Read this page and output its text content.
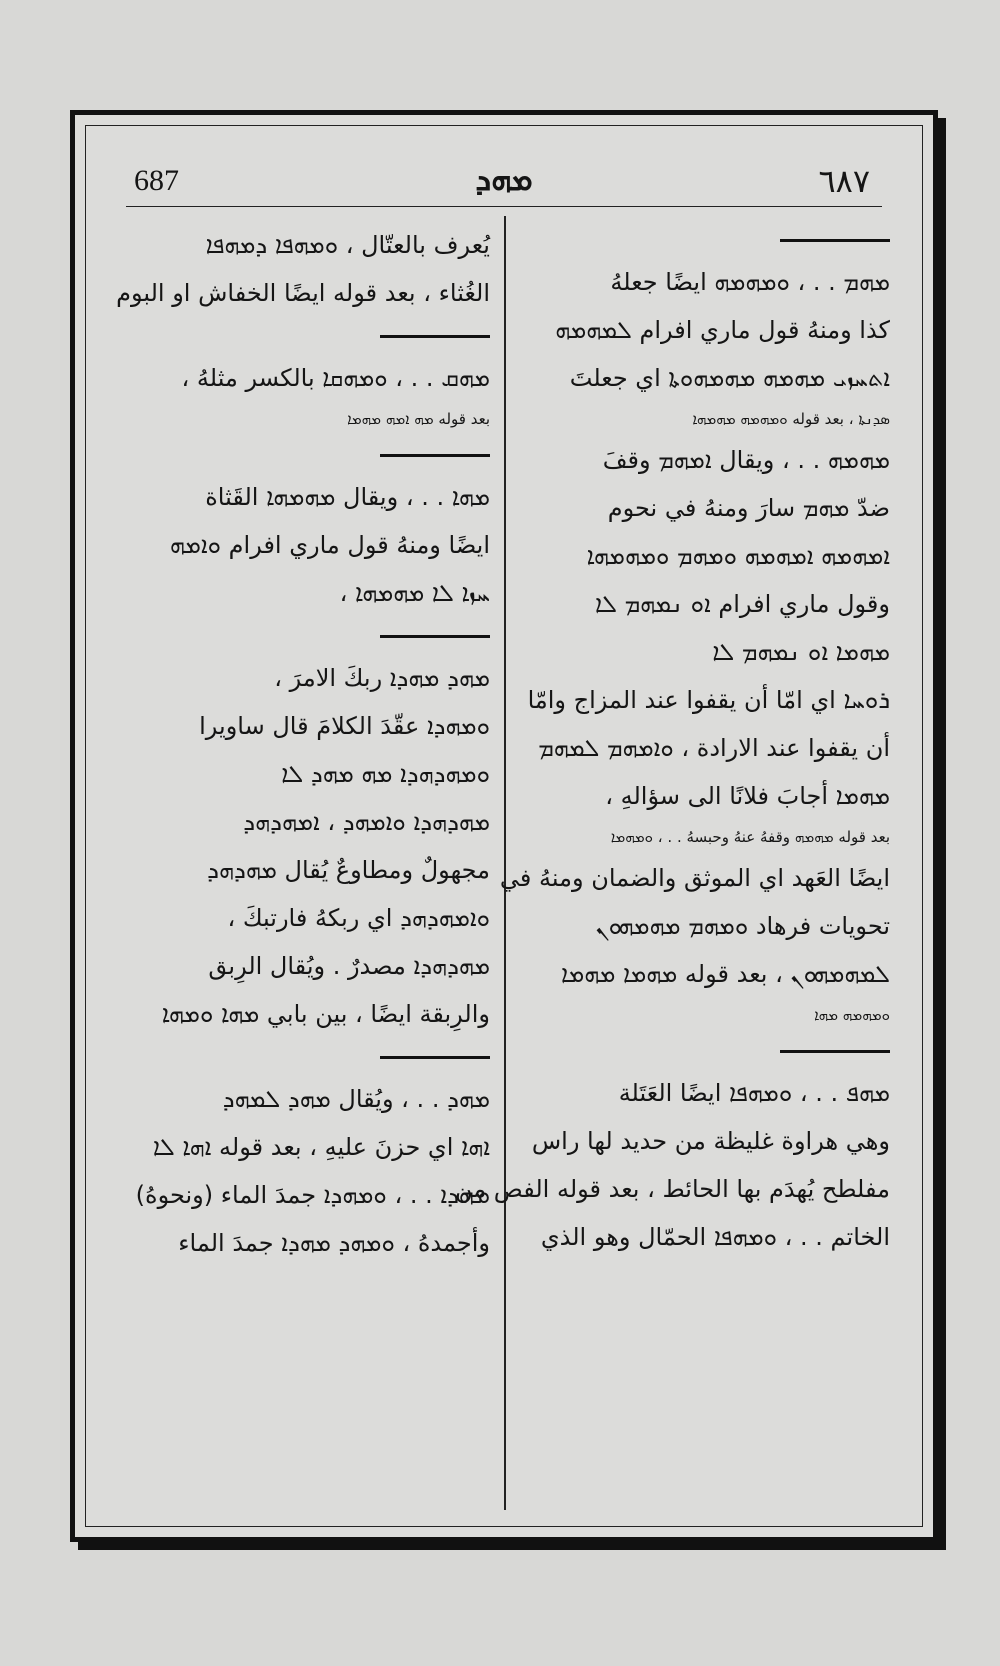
687	ܡܗܕ	٦٨٧
ܡܗܡ . . ، ܘܡܗܡܗ ايضًا جعلهُ
كذا ومنهُ قول ماري افرام ܠܡܗܡܗ
ܐܬܚܙܝ ܡܗܡܗ ܡܗܡܗܘܬܐ اي جعلتَ
ܣܕܢܬܐ ، بعد قوله ܘܡܗܡܗ ܡܗܡܗܐ
ܡܗܡܗ . . ، ويقال ܐܡܗܡ وقفَ
ضدّ ܡܗܡ سارَ ومنهُ في نحوم
ܐܡܗܡܗ ܐܡܗܡܗ ܘܡܗܡ ܘܡܗܡܗܐ
وقول ماري افرام ܐܘ ܢܡܗܡ ܠܐ
ܡܗܡܐ ܐܘ ܢܡܗܡ ܠܐ
ܪܘܚܐ اي امّا أن يقفوا عند المزاج وامّا
أن يقفوا عند الارادة ، ܘܐܡܗܡ ܠܡܗܡ
ܡܗܡܐ أجابَ فلانًا الى سؤالهِ ،
بعد قوله ܡܗܡܗ وقفهُ عنهُ وحبسهُ . . ، ܘܡܗܡܐ
ايضًا العَهد اي الموثق والضمان ومنهُ في
تحويات فرهاد ܘܡܗܡ ܡܗܡܗܘܢ
ܠܡܗܡܗܘܢ ، بعد قوله ܡܗܡܐ ܡܗܡܐ
ܘܡܗܡܗ ܡܗܐ
ܡܗܦ . . ، ܘܡܗܦܐ ايضًا العَتَلة
وهي هراوة غليظة من حديد لها راس
مفلطح يُهدَم بها الحائط ، بعد قوله الفص من
الخاتم . . ، ܘܡܗܦܐ الحمّال وهو الذي
يُعرف بالعتّال ، ܘܡܗܦܐ ܕܡܗܦܐ
الغُثاء ، بعد قوله ايضًا الخفاش او البوم
ܡܗܩ . . ، ܘܡܗܩܐ بالكسر مثلهُ ،
بعد قوله ܡܗ ܐܡܗ ܡܗܡܐ
ܡܗܐ . . ، ويقال ܡܗܡܗܐ القَثاة
ايضًا ومنهُ قول ماري افرام ܘܐܡܗ
ܚܙܐ ܠܐ ܡܗܡܗܐ ،
ܡܗܕ ܡܗܕܐ ربكَ الامرَ ،
ܘܡܗܕܐ عقّدَ الكلامَ قال ساويرا
ܘܡܗܕܗܕܐ ܡܗ ܡܗܕ ܠܐ
ܡܗܕܗܕܐ ܘܐܡܗܕ ، ܐܡܗܕܗܕ
مجهولٌ ومطاوعٌ يُقال ܡܗܕܗܕ
ܘܐܡܗܕܗܕ اي ربكهُ فارتبكَ ،
ܡܗܕܗܕܐ مصدرٌ . ويُقال الرِبق
والرِبقة ايضًا ، بين بابي ܡܗܐ ܘܡܗܐ
ܡܗܕ . . ، ويُقال ܡܗܕ ܠܡܗܕ
ܐܗܐ اي حزنَ عليهِ ، بعد قوله ܐܗܐ ܠܐ
ܡܗܕܐ . . ، ܘܡܗܕܐ جمدَ الماء (ونحوهُ)
وأجمدهُ ، ܘܡܗܕ ܡܗܕܐ جمدَ الماء
